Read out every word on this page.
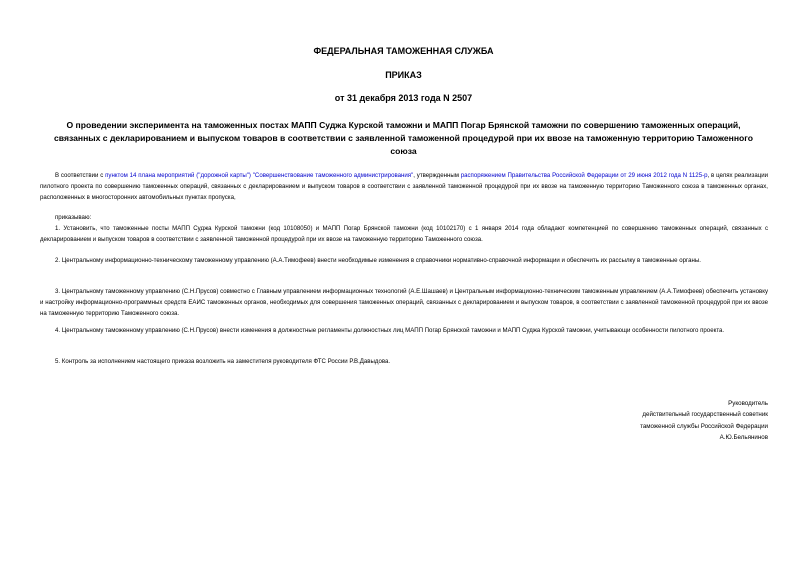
ФЕДЕРАЛЬНАЯ ТАМОЖЕННАЯ СЛУЖБА
ПРИКАЗ
от 31 декабря 2013 года N 2507
О проведении эксперимента на таможенных постах МАПП Суджа Курской таможни и МАПП Погар Брянской таможни по совершению таможенных операций, связанных с декларированием и выпуском товаров в соответствии с заявленной таможенной процедурой при их ввозе на таможенную территорию Таможенного союза

В соответствии с пунктом 14 плана мероприятий ("дорожной карты") "Совершенствование таможенного администрирования", утвержденным распоряжением Правительства Российской Федерации от 29 июня 2012 года N 1125-р, в целях реализации пилотного проекта по совершению таможенных операций, связанных с декларированием и выпуском товаров в соответствии с заявленной таможенной процедурой при их ввозе на таможенную территорию Таможенного союза в таможенных органах, расположенных в многосторонних автомобильных пунктах пропуска,

приказываю:

1. Установить, что таможенные посты МАПП Суджа Курской таможни (код 10108050) и МАПП Погар Брянской таможни (код 10102170) с 1 января 2014 года обладают компетенцией по совершению таможенных операций, связанных с декларированием и выпуском товаров в соответствии с заявленной таможенной процедурой при их ввозе на таможенную территорию Таможенного союза.

2. Центральному информационно-техническому таможенному управлению (А.А.Тимофеев) внести необходимые изменения в справочники нормативно-справочной информации и обеспечить их рассылку в таможенные органы.

3. Центральному таможенному управлению (С.Н.Прусов) совместно с Главным управлением информационных технологий (А.Е.Шашаев) и Центральным информационно-техническим таможенным управлением (А.А.Тимофеев) обеспечить установку и настройку информационно-программных средств ЕАИС таможенных органов, необходимых для совершения таможенных операций, связанных с декларированием и выпуском товаров, в соответствии с заявленной таможенной процедурой при их ввозе на таможенную территорию Таможенного союза.

4. Центральному таможенному управлению (С.Н.Прусов) внести изменения в должностные регламенты должностных лиц МАПП Погар Брянской таможни и МАПП Суджа Курской таможни, учитывающи особенности пилотного проекта.

5. Контроль за исполнением настоящего приказа возложить на заместителя руководителя ФТС России Р.В.Давыдова.

Руководитель
действительный государственный советник
таможенной службы Российской Федерации
А.Ю.Бельянинов
